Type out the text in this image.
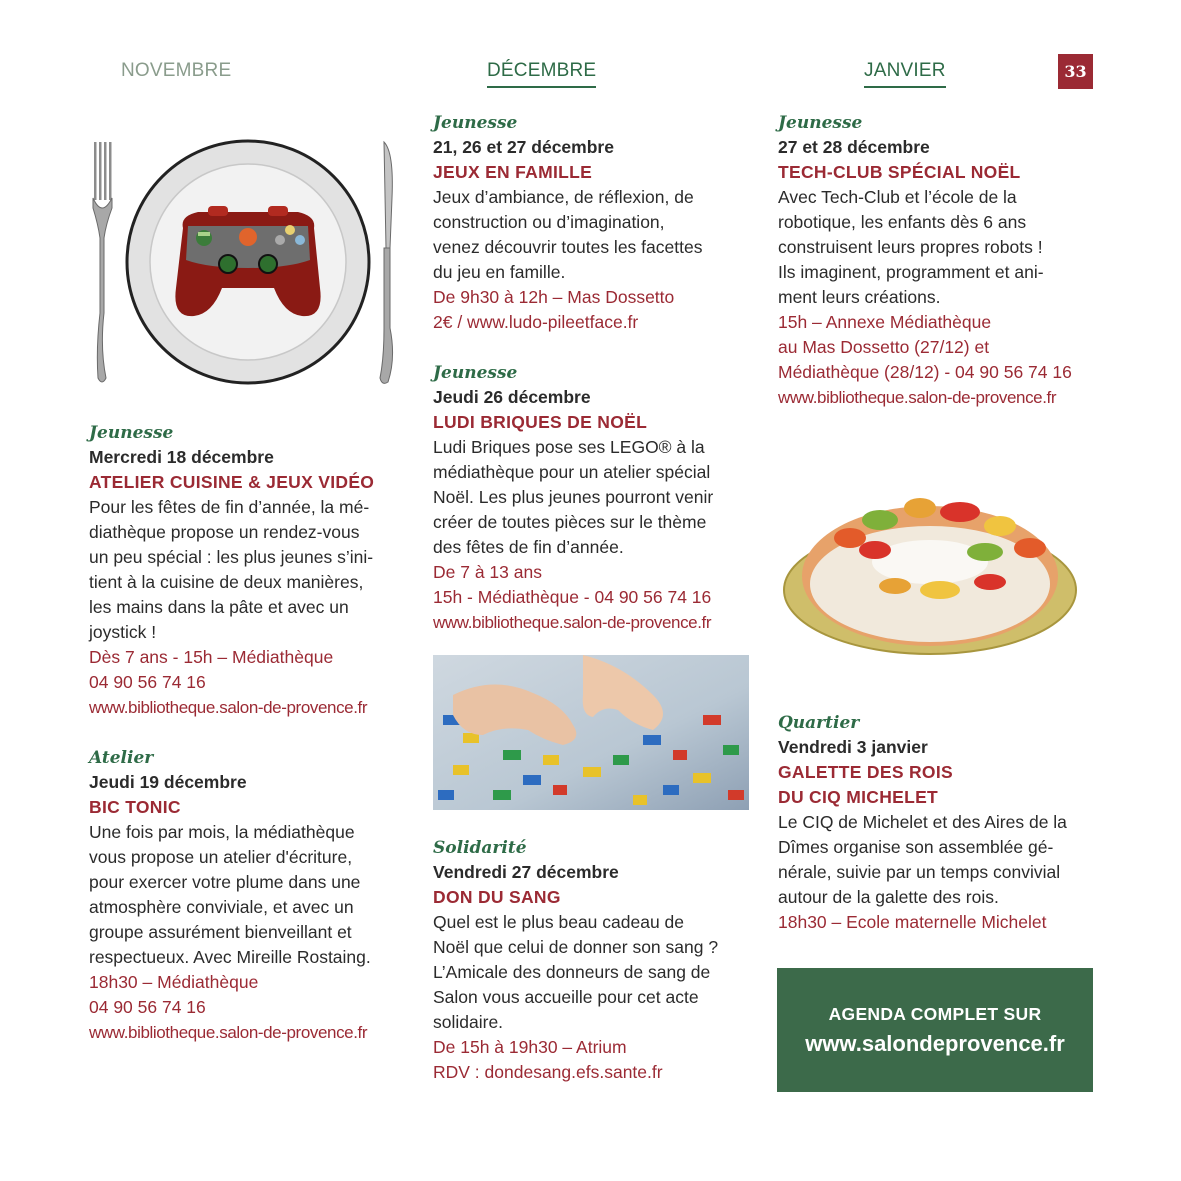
NOVEMBRE	DÉCEMBRE	JANVIER	33
Jeunesse
Mercredi 18 décembre
ATELIER CUISINE & JEUX VIDÉO
Pour les fêtes de fin d’année, la mé-
diathèque propose un rendez-vous
un peu spécial : les plus jeunes s’ini-
tient à la cuisine de deux manières,
les mains dans la pâte et avec un
joystick !
Dès 7 ans - 15h – Médiathèque
04 90 56 74 16
www.bibliotheque.salon-de-provence.fr
Atelier
Jeudi 19 décembre
BIC TONIC
Une fois par mois, la médiathèque
vous propose un atelier d'écriture,
pour exercer votre plume dans une
atmosphère conviviale, et avec un
groupe assurément bienveillant et
respectueux. Avec Mireille Rostaing.
18h30 – Médiathèque
04 90 56 74 16
www.bibliotheque.salon-de-provence.fr
Jeunesse
21, 26 et 27 décembre
JEUX EN FAMILLE
Jeux d’ambiance, de réflexion, de
construction ou d’imagination,
venez découvrir toutes les facettes
du jeu en famille.
De 9h30 à 12h – Mas Dossetto
2€ / www.ludo-pileetface.fr
Jeunesse
Jeudi 26 décembre
LUDI BRIQUES DE NOËL
Ludi Briques pose ses LEGO® à la
médiathèque pour un atelier spécial
Noël. Les plus jeunes pourront venir
créer de toutes pièces sur le thème
des fêtes de fin d’année.
De 7 à 13 ans
15h - Médiathèque - 04 90 56 74 16
www.bibliotheque.salon-de-provence.fr
Solidarité
Vendredi 27 décembre
DON DU SANG
Quel est le plus beau cadeau de
Noël que celui de donner son sang ?
L’Amicale des donneurs de sang de
Salon vous accueille pour cet acte
solidaire.
De 15h à 19h30 – Atrium
RDV : dondesang.efs.sante.fr
Jeunesse
27 et 28 décembre
TECH-CLUB SPÉCIAL NOËL
Avec Tech-Club et l’école de la
robotique, les enfants dès 6 ans
construisent leurs propres robots !
Ils imaginent, programment et ani-
ment leurs créations.
15h – Annexe Médiathèque
au Mas Dossetto (27/12) et
Médiathèque (28/12) - 04 90 56 74 16
www.bibliotheque.salon-de-provence.fr
Quartier
Vendredi 3 janvier
GALETTE DES ROIS
DU CIQ MICHELET
Le CIQ de Michelet et des Aires de la
Dîmes organise son assemblée gé-
nérale, suivie par un temps convivial
autour de la galette des rois.
18h30 – Ecole maternelle Michelet
AGENDA COMPLET SUR
www.salondeprovence.fr
